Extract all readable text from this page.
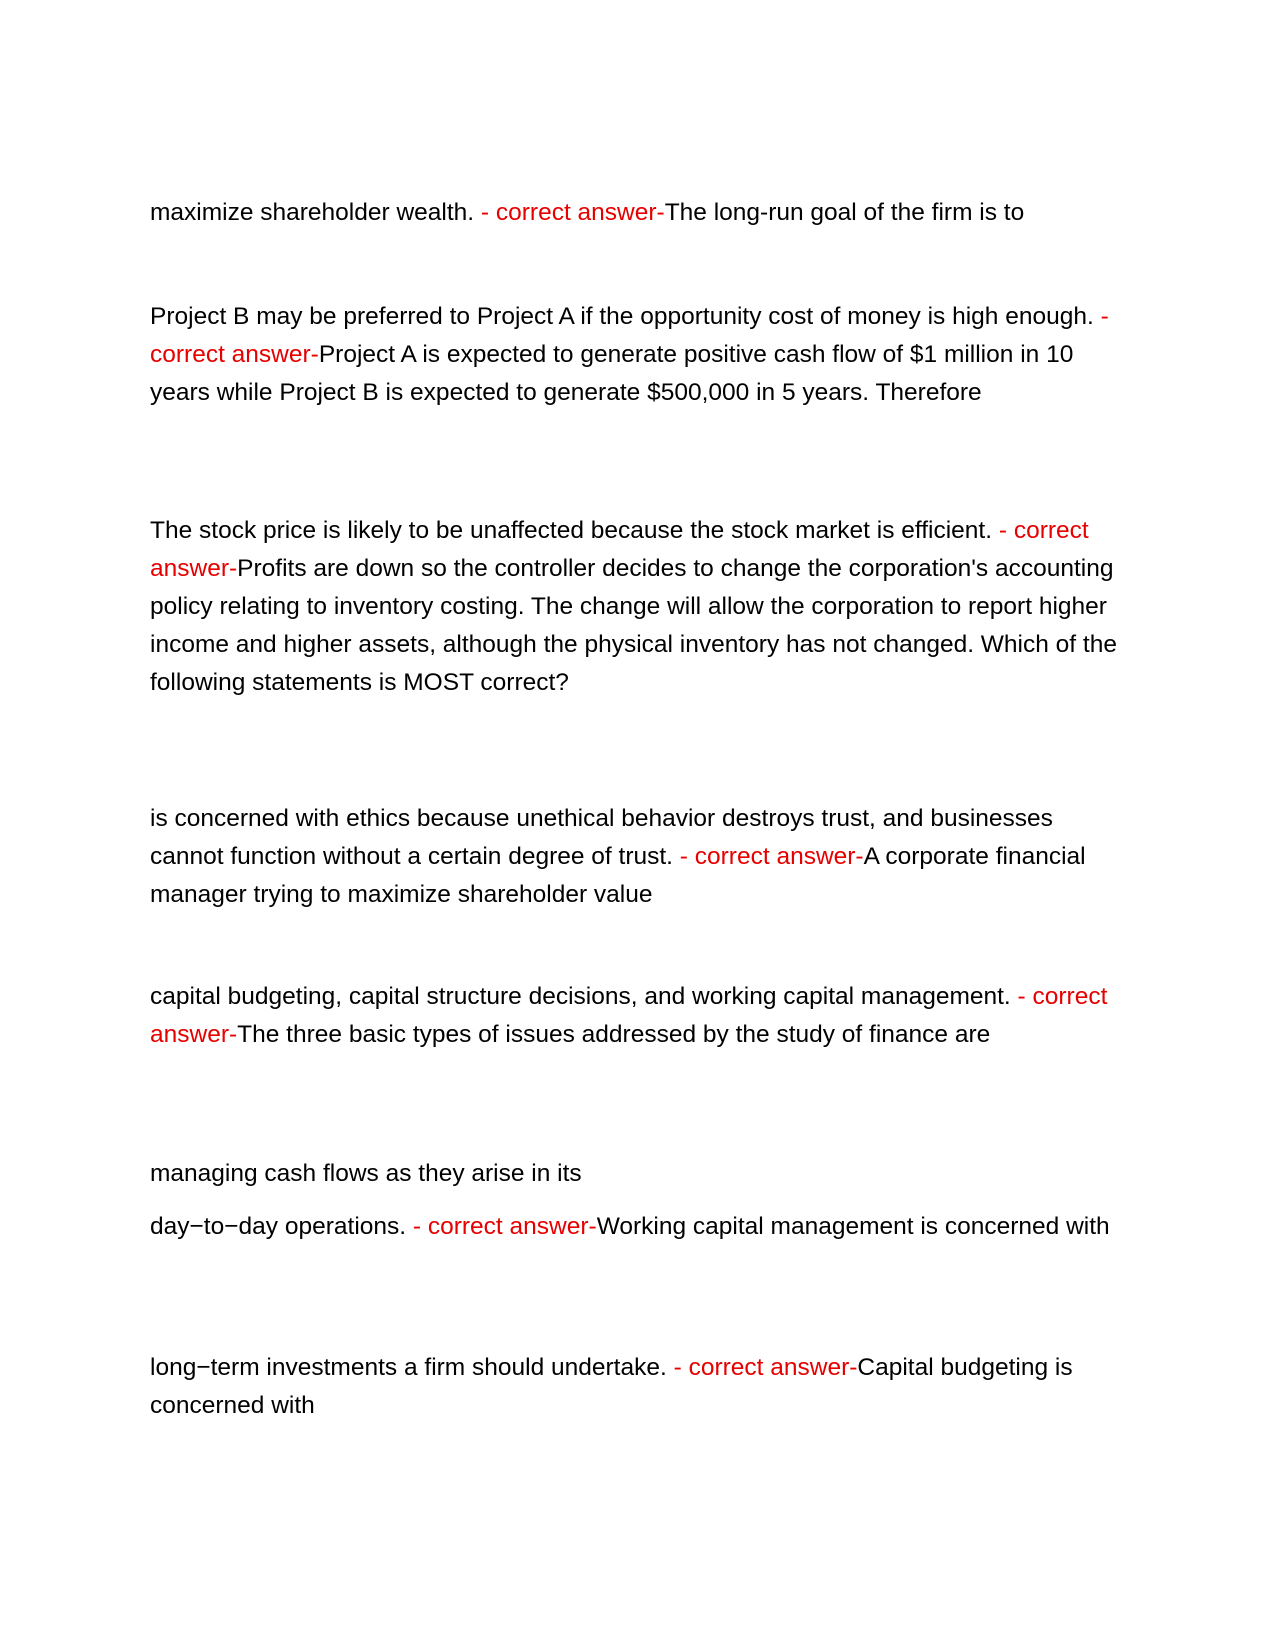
maximize shareholder wealth. - correct answer-The long-run goal of the firm is to

Project B may be preferred to Project A if the opportunity cost of money is high enough. - correct answer-Project A is expected to generate positive cash flow of $1 million in 10 years while Project B is expected to generate $500,000 in 5 years. Therefore

The stock price is likely to be unaffected because the stock market is efficient. - correct answer-Profits are down so the controller decides to change the corporation's accounting policy relating to inventory costing. The change will allow the corporation to report higher income and higher assets, although the physical inventory has not changed. Which of the following statements is MOST correct?

is concerned with ethics because unethical behavior destroys trust, and businesses cannot function without a certain degree of trust. - correct answer-A corporate financial manager trying to maximize shareholder value

capital budgeting, capital structure decisions, and working capital management. - correct answer-The three basic types of issues addressed by the study of finance are

managing cash flows as they arise in its

day−to−day operations. - correct answer-Working capital management is concerned with

long−term investments a firm should undertake. - correct answer-Capital budgeting is concerned with
